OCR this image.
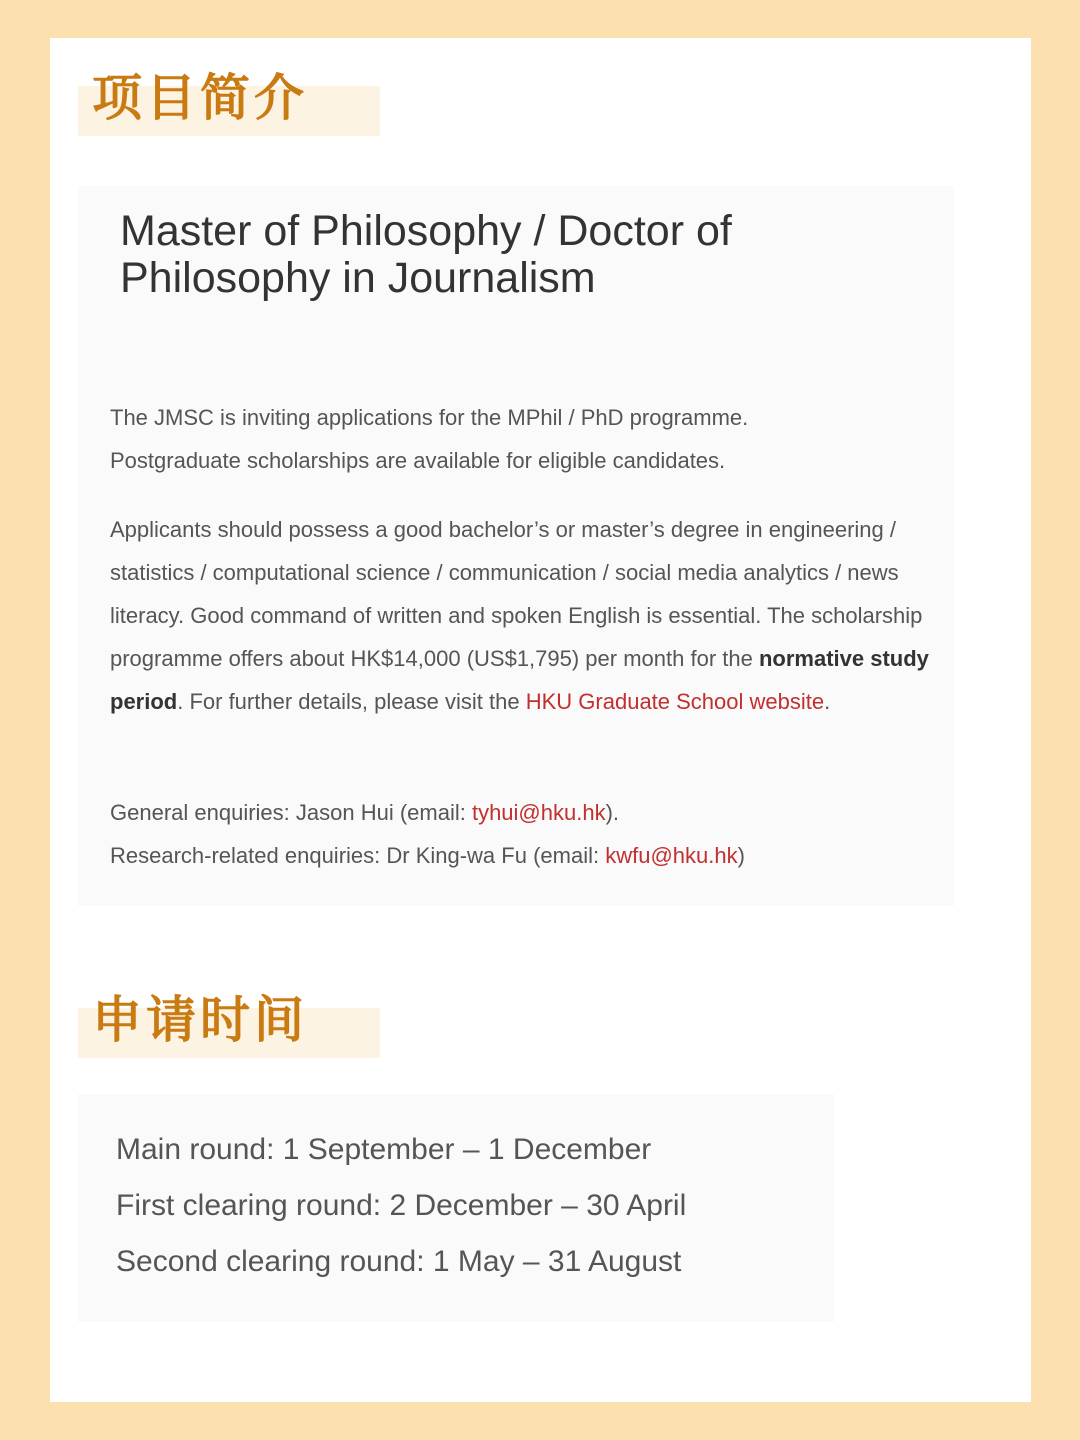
项目简介
Master of Philosophy / Doctor of Philosophy in Journalism

The JMSC is inviting applications for the MPhil / PhD programme.
Postgraduate scholarships are available for eligible candidates.

Applicants should possess a good bachelor’s or master’s degree in engineering / statistics / computational science / communication / social media analytics / news literacy. Good command of written and spoken English is essential. The scholarship programme offers about HK$14,000 (US$1,795) per month for the normative study period. For further details, please visit the HKU Graduate School website.

General enquiries: Jason Hui (email: tyhui@hku.hk).
Research-related enquiries: Dr King-wa Fu (email: kwfu@hku.hk)

申请时间
Main round: 1 September – 1 December
First clearing round: 2 December – 30 April
Second clearing round: 1 May – 31 August
